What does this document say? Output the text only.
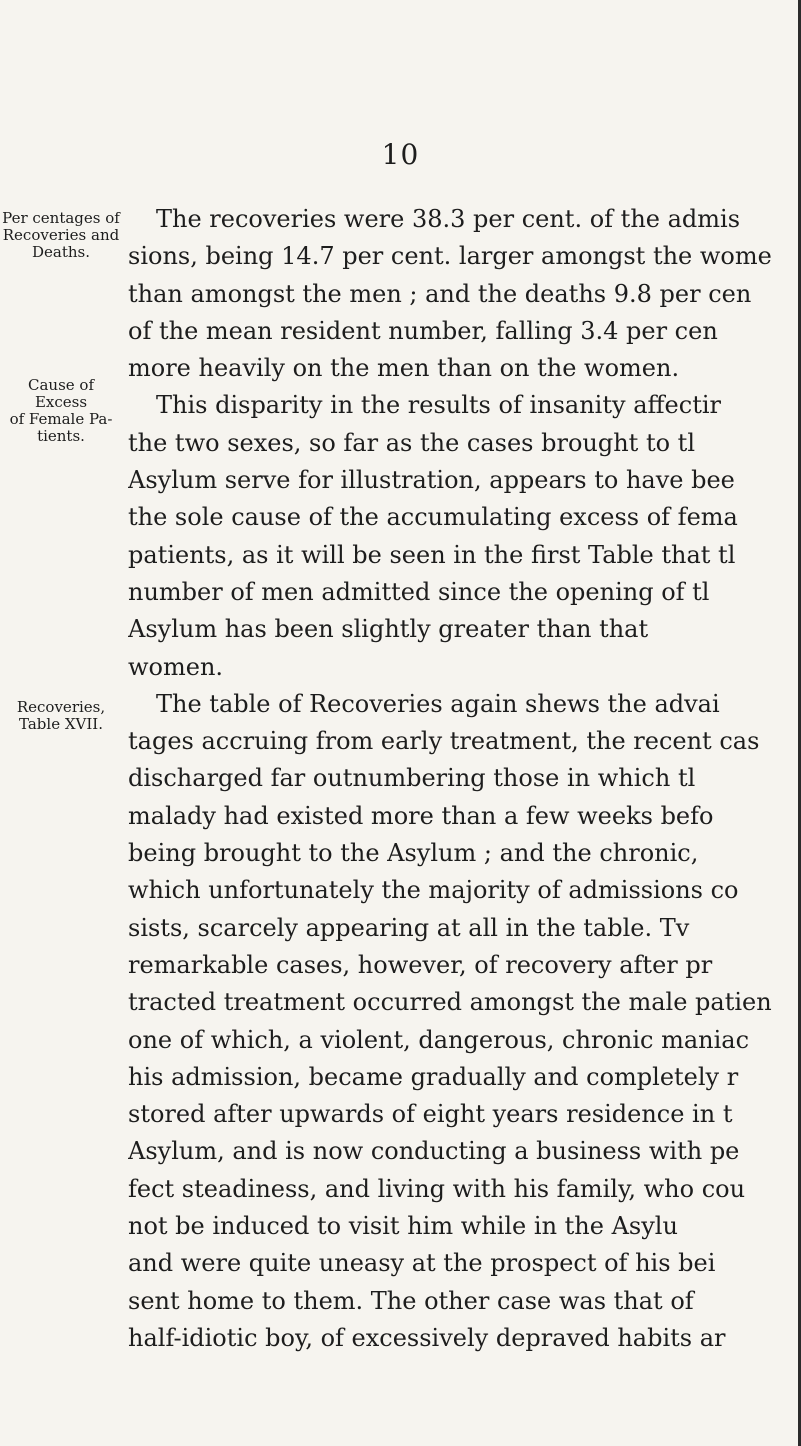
10
Per centages of
Recoveries and
Deaths.
Cause of Excess
of Female Pa-
tients.
Recoveries,
Table XVII.
The recoveries were 38.3 per cent. of the admis
sions, being 14.7 per cent. larger amongst the wome
than amongst the men ; and the deaths 9.8 per cen
of the mean resident number, falling 3.4 per cen
more heavily on the men than on the women.
This disparity in the results of insanity affectir
the two sexes, so far as the cases brought to tl
Asylum serve for illustration, appears to have bee
the sole cause of the accumulating excess of fema
patients, as it will be seen in the first Table that tl
number of men admitted since the opening of tl
Asylum has been slightly greater than that
women.
The table of Recoveries again shews the advai
tages accruing from early treatment, the recent cas
discharged far outnumbering those in which tl
malady had existed more than a few weeks befo
being brought to the Asylum ; and the chronic,
which unfortunately the majority of admissions co
sists, scarcely appearing at all in the table. Tv
remarkable cases, however, of recovery after pr
tracted treatment occurred amongst the male patien
one of which, a violent, dangerous, chronic maniac
his admission, became gradually and completely r
stored after upwards of eight years residence in t
Asylum, and is now conducting a business with pe
fect steadiness, and living with his family, who cou
not be induced to visit him while in the Asylu
and were quite uneasy at the prospect of his bei
sent home to them. The other case was that of
half-idiotic boy, of excessively depraved habits ar
